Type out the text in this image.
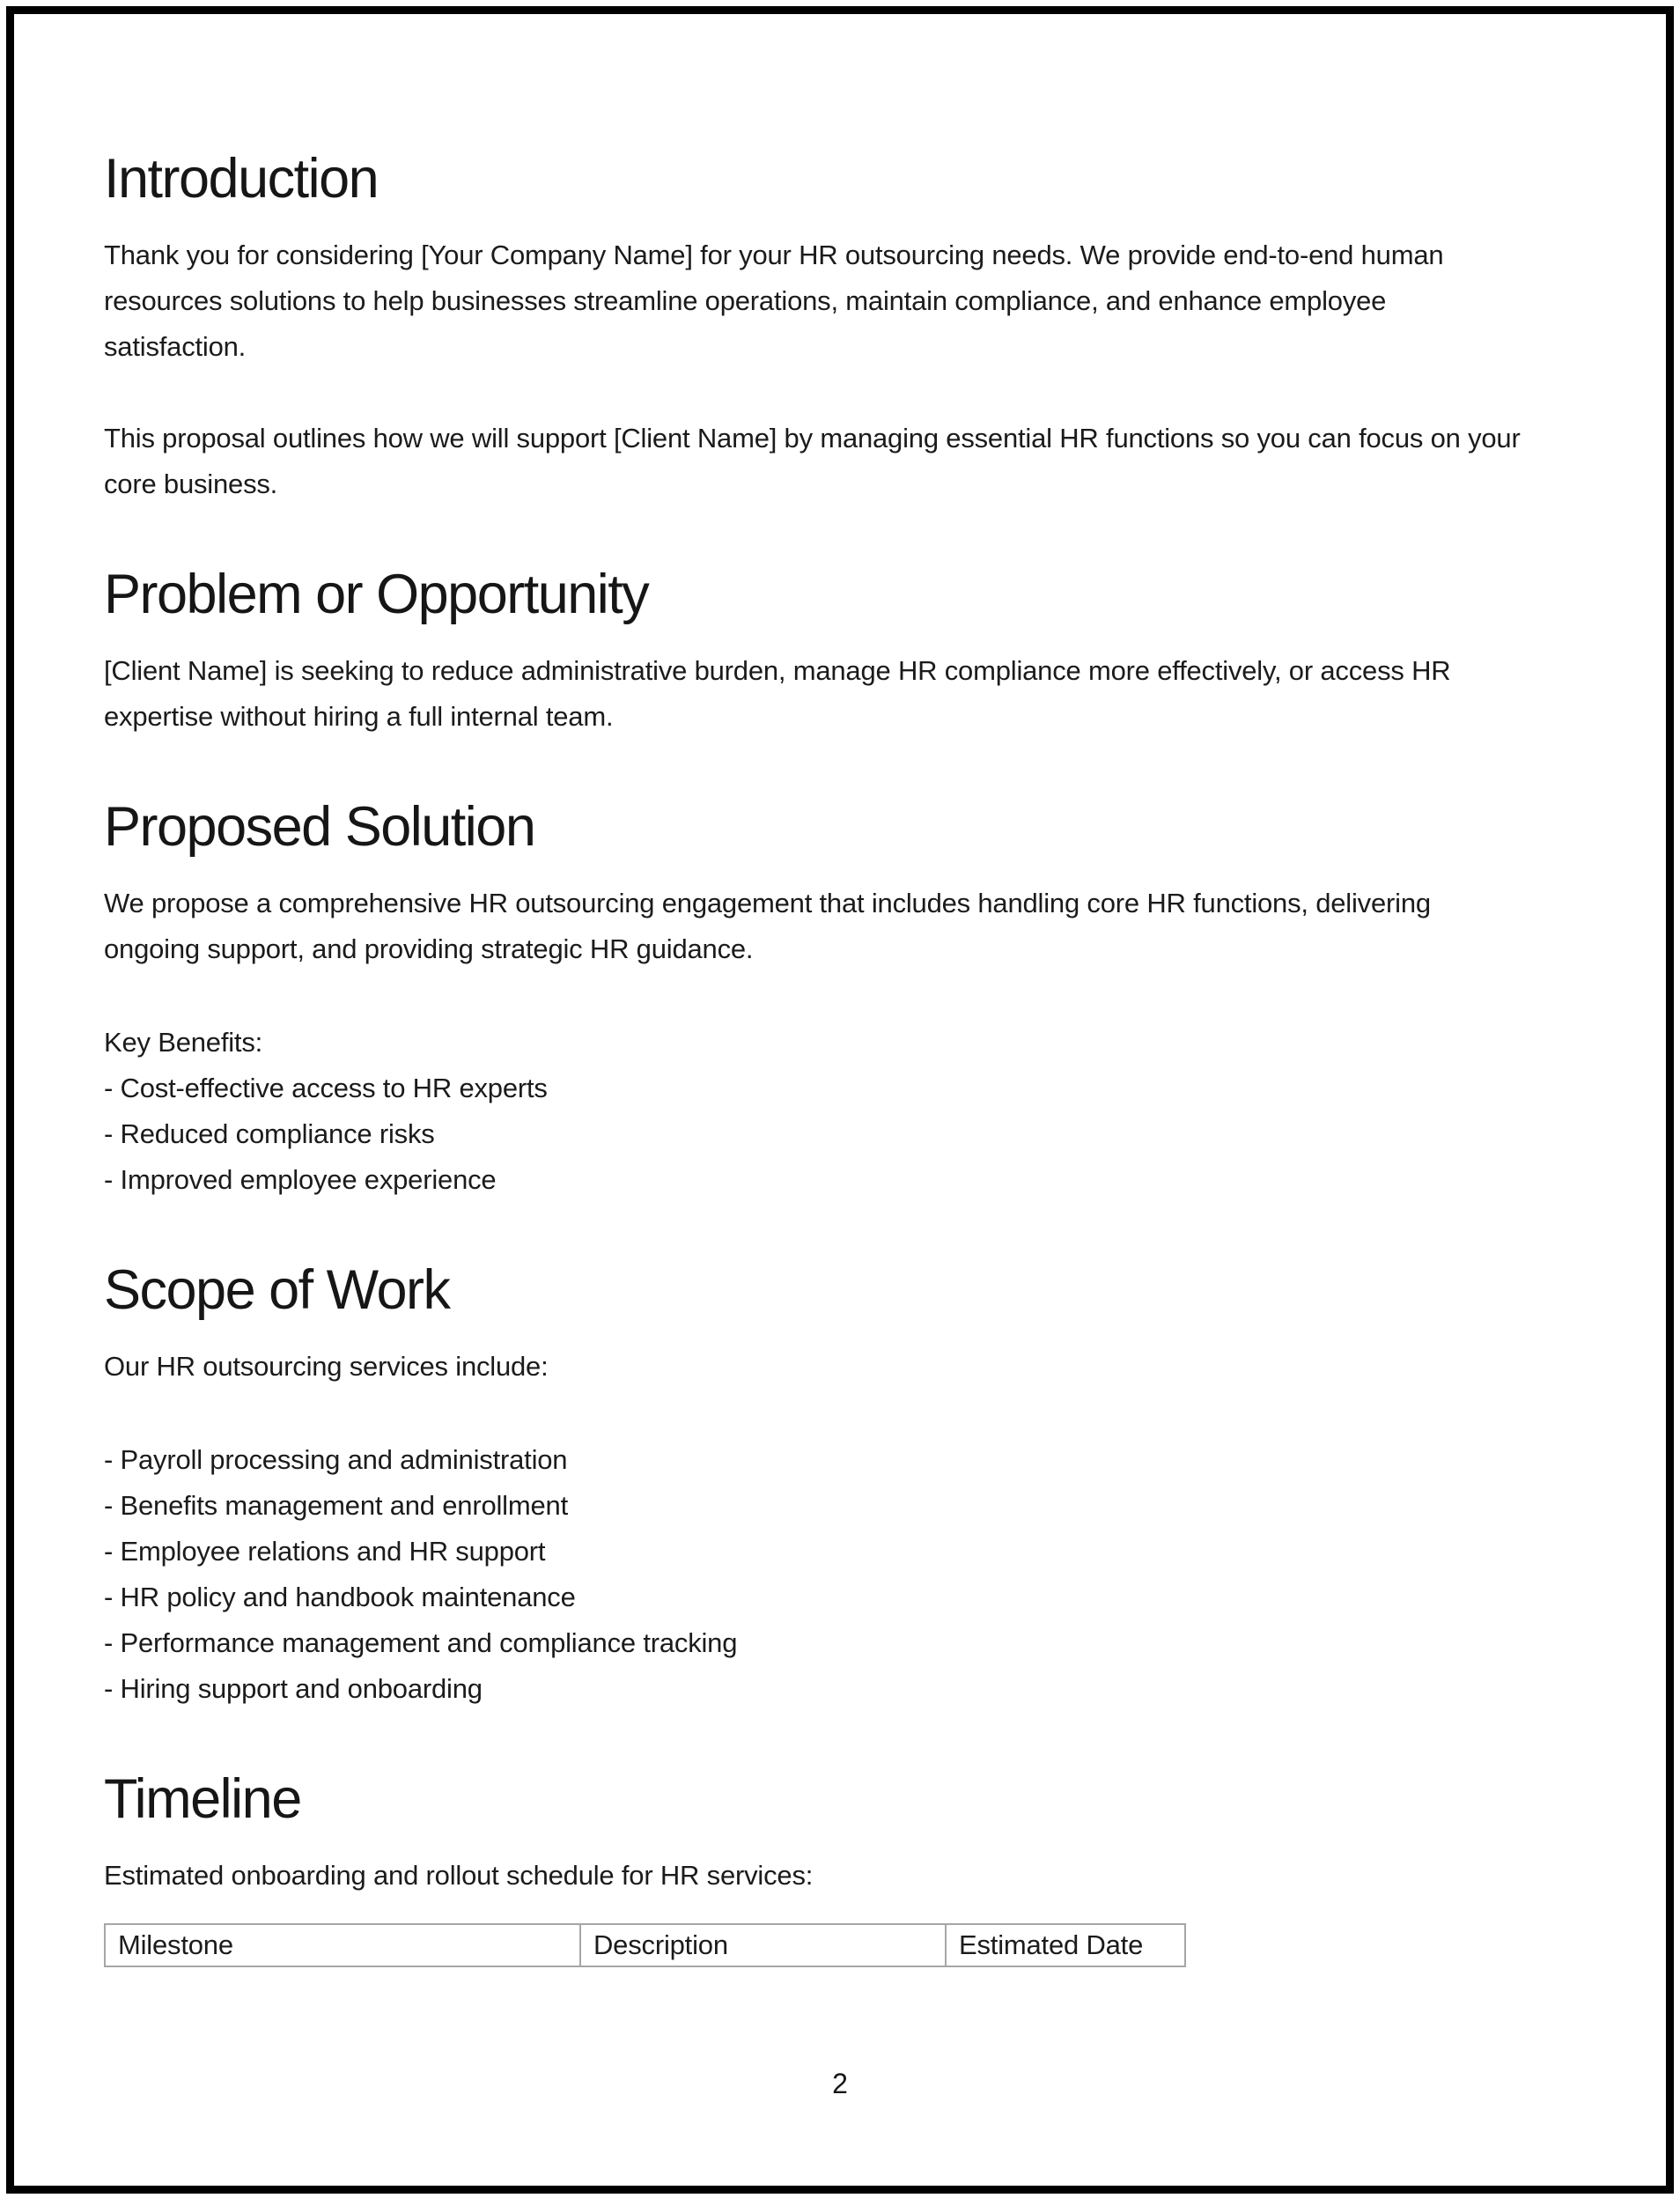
Introduction

Thank you for considering [Your Company Name] for your HR outsourcing needs. We provide end-to-end human resources solutions to help businesses streamline operations, maintain compliance, and enhance employee satisfaction.

This proposal outlines how we will support [Client Name] by managing essential HR functions so you can focus on your core business.

Problem or Opportunity

[Client Name] is seeking to reduce administrative burden, manage HR compliance more effectively, or access HR expertise without hiring a full internal team.

Proposed Solution

We propose a comprehensive HR outsourcing engagement that includes handling core HR functions, delivering ongoing support, and providing strategic HR guidance.

Key Benefits:
- Cost-effective access to HR experts
- Reduced compliance risks
- Improved employee experience
Scope of Work

Our HR outsourcing services include:

- Payroll processing and administration
- Benefits management and enrollment
- Employee relations and HR support
- HR policy and handbook maintenance
- Performance management and compliance tracking
- Hiring support and onboarding
Timeline

Estimated onboarding and rollout schedule for HR services:

Milestone	Description	Estimated Date
2
